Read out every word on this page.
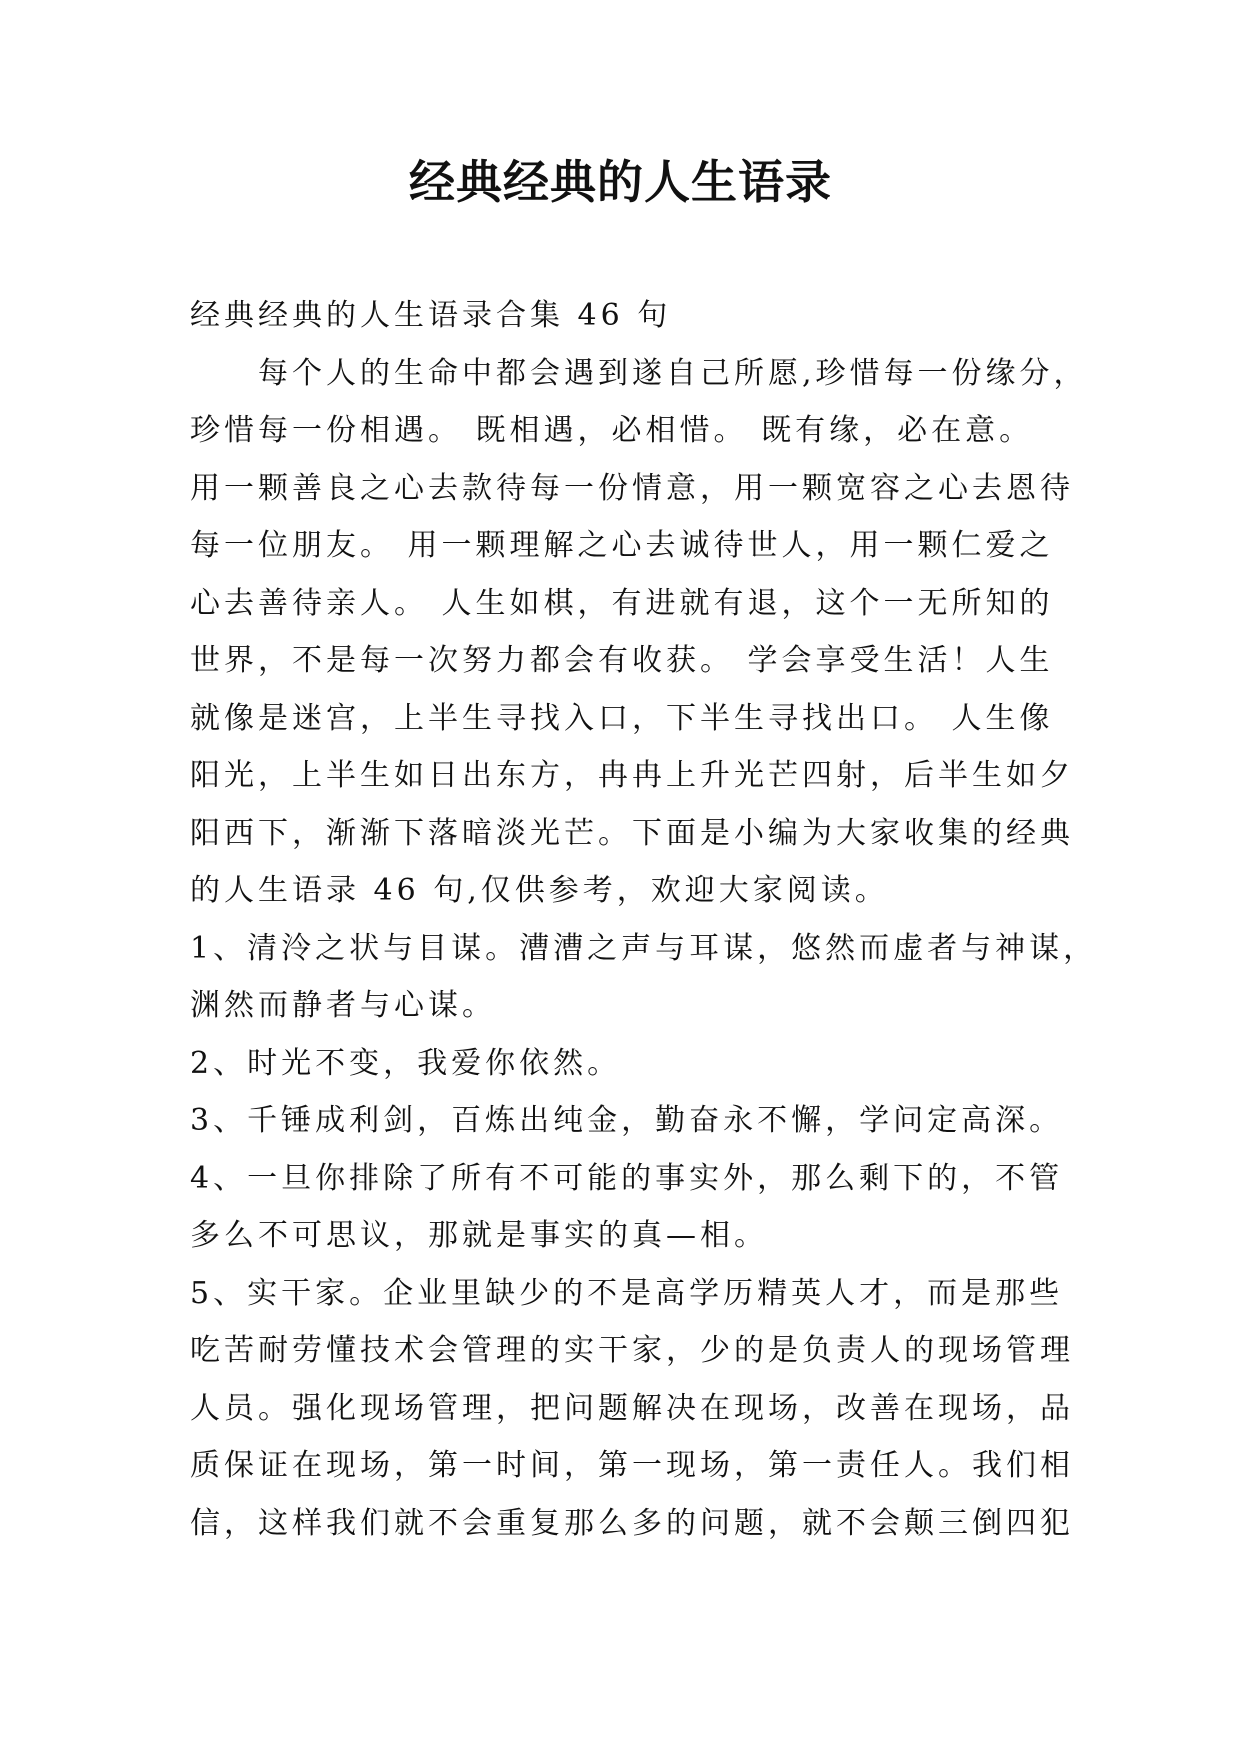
经典经典的人生语录
经典经典的人生语录合集 46 句
每个人的生命中都会遇到遂自己所愿,珍惜每一份缘分，
珍惜每一份相遇。 既相遇，必相惜。 既有缘，必在意。
用一颗善良之心去款待每一份情意，用一颗宽容之心去恩待
每一位朋友。 用一颗理解之心去诚待世人，用一颗仁爱之
心去善待亲人。 人生如棋，有进就有退，这个一无所知的
世界，不是每一次努力都会有收获。 学会享受生活！人生
就像是迷宫，上半生寻找入口，下半生寻找出口。 人生像
阳光，上半生如日出东方，冉冉上升光芒四射，后半生如夕
阳西下，渐渐下落暗淡光芒。下面是小编为大家收集的经典
的人生语录 46 句,仅供参考，欢迎大家阅读。
1、清泠之状与目谋。漕漕之声与耳谋，悠然而虚者与神谋，
渊然而静者与心谋。
2、时光不变，我爱你依然。
3、千锤成利剑，百炼出纯金，勤奋永不懈，学问定高深。
4、一旦你排除了所有不可能的事实外，那么剩下的，不管
多么不可思议，那就是事实的真—相。
5、实干家。企业里缺少的不是高学历精英人才，而是那些
吃苦耐劳懂技术会管理的实干家，少的是负责人的现场管理
人员。强化现场管理，把问题解决在现场，改善在现场，品
质保证在现场，第一时间，第一现场，第一责任人。我们相
信，这样我们就不会重复那么多的问题，就不会颠三倒四犯
